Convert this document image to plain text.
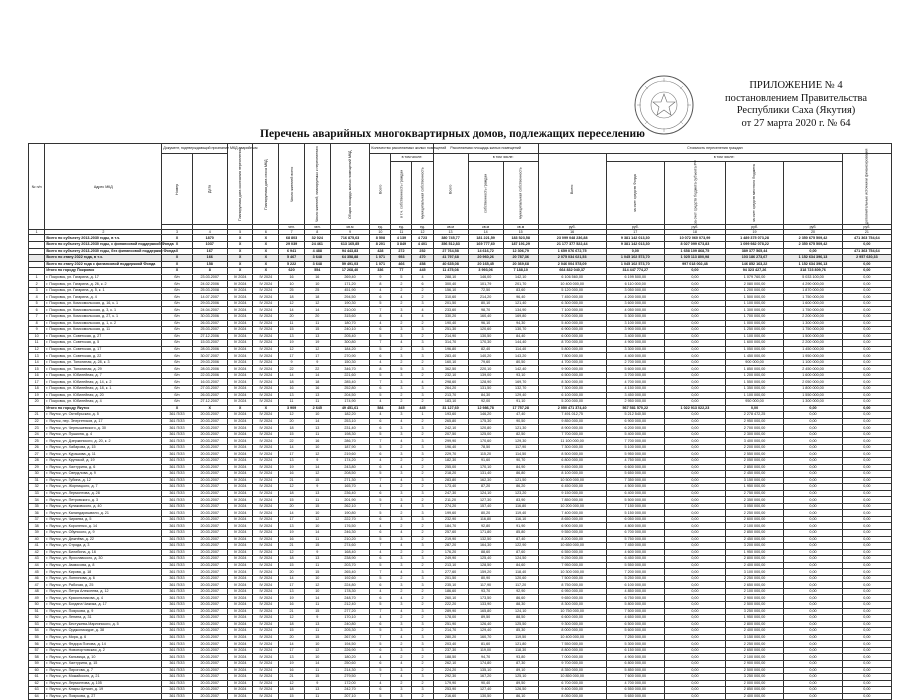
ПРИЛОЖЕНИЕ № 4
постановлением Правительства
Республики Саха (Якутия)
от 27 марта 2020 г. № 64
Перечень аварийных многоквартирных домов, подлежащих переселению
№ п/п	Адрес МКД	Документ, подтверждающий признание МКД аварийным		Планируемая дата окончания переселения	Планируемая дата сноса МКД	Число жителей всего	Число жителей, планируемых к переселению	Общая площадь жилых помещений МКД	Количество расселяемых жилых помещений			Расселяемая площадь жилых помещений			Стоимость переселения граждан					
		Номер	Дата						Всего	в том числе:		Всего	в том числе:		Всего	в том числе:				дополнительные источники финансирования
										в т.ч. собственность граждан	муниципальная собственность		собственность граждан	муниципальная собственность		за счет средств Фонда	за счет средств бюджета субъекта РФ	за счет средств местного бюджета		
						чел.	чел.	кв.м	ед.	ед.	ед.	кв.м	кв.м	кв.м	руб.	руб.	руб.	руб.	руб.	руб.
1	2	3	4	5	6	7	8	9	10	11	12	13	14	15	16	17	18	19	20	21
	Всего по субъекту 2013-2030 годы, в т.ч.	X	1870	X	X	68 803	32 024	716 875,63	8 508	4 139	4 723	380 745,77	181 221,59	183 523,58	23 099 048 236,88	9 381 142 013,30	10 072 060 073,99	1 489 375 073,28	2 350 675 509,42	471 363 754,64
	Всего по субъекту 2013-2030 годы, с финансовой поддержкой Фонда	X	1037	X	X	29 039	24 461	613 165,85	8 201	3 849	4 401	356 512,83	169 777,60	187 191,29	21 177 377 522,44	9 381 142 013,30	8 027 099 673,83	1 099 982 078,22	2 350 675 509,42	0,00
	Всего по субъекту 2013-2030 годы, без финансовой поддержки Фонда	X	167	X	X	6 941	4 488	94 443,83	428	272	252	27 764,58	14 616,72	12 306,79	1 659 076 672,75	0,00	1 658 109 868,75	389 377 565,44	0,00	471 363 754,64
	Всего по этапу 2022 года, в т.ч.	X	166	X	X	5 467	3 648	64 358,88	1 071	953	470	41 797,68	20 960,26	20 787,36	2 075 034 021,53	1 045 102 573,70	1 025 113 800,98	103 186 273,67	1 152 634 396,13	2 957 630,33
	Всего по этапу 2022 года с финансовой поддержкой Фонда	X	158	X	X	5 222	3 648	59 491,03	1 071	466	458	40 635,08	20 165,45	20 369,68	2 046 004 578,09	1 045 102 573,70	997 018 002,48	146 852 163,22	1 152 634 396,13	0,00
	Итого по городу Покровск	X	8	X	X	620	554	17 268,40	336	77	445	11 475,08	3 993,06	7 188,10	664 832 040,37	314 447 774,27	0,00	94 323 427,26	318 723 809,76	0,00
1	г. Покровск, ул. Гагарина, д. 17	б/н	23.03.2007	IV 2024	IV 2024	16	16	269,40	9	5	4	288,10	146,00	142,10	6 106 560,00	6 199 500,00	0,00	1 079 760,00	5 033 100,00	0,00
2	г. Покровск, ул. Гагарина, д. 26, к. 2	б/н	24.02.2006	IV 2024	IV 2024	10	10	171,20	8	2	6	300,40	101,79	201,70	10 400 000,00	6 110 000,00	0,00	2 080 000,00	4 290 000,00	0,00
3	г. Покровск, ул. Гагарина, д. 5, к. 1	б/н	25.03.2008	IV 2024	IV 2024	25	25	451,90	4	2	2	156,10	72,50	83,60	5 120 000,00	3 050 000,00	0,00	1 200 000,00	1 870 000,00	0,00
4	г. Покровск, ул. Гагарина, д. 4	б/н	14.07.2007	IV 2024	IV 2024	18	18	294,50	6	4	2	310,60	214,20	96,40	7 450 000,00	4 200 000,00	0,00	1 500 000,00	1 750 000,00	0,00
5	г. Покровск, ул. Комсомольская, д. 16, к. 1	б/н	29.03.2006	IV 2024	IV 2024	12	12	190,30	5	2	3	201,50	80,10	121,40	6 300 000,00	3 600 000,00	0,00	1 100 000,00	1 600 000,00	0,00
6	г. Покровск, ул. Комсомольская, д. 3, к. 1	б/н	24.04.2007	IV 2024	IV 2024	14	14	210,00	7	3	4	233,60	98,70	134,90	7 100 000,00	4 050 000,00	0,00	1 300 000,00	1 750 000,00	0,00
7	г. Покровск, ул. Комсомольская, д. 27, к. 1	б/н	30.03.2006	IV 2024	IV 2024	20	20	315,60	8	4	4	330,20	160,40	169,80	9 200 000,00	5 300 000,00	0,00	1 700 000,00	2 200 000,00	0,00
8	г. Покровск, ул. Комсомольская, д. 1, к. 2	б/н	26.03.2007	IV 2024	IV 2024	11	11	180,70	4	2	2	190,40	96,10	94,30	5 400 000,00	3 100 000,00	0,00	1 000 000,00	1 300 000,00	0,00
9	г. Покровск, ул. Комсомольская, д. 11	б/н	25.03.2007	IV 2024	IV 2024	15	15	240,10	6	3	3	251,30	120,60	130,70	6 900 000,00	3 900 000,00	0,00	1 250 000,00	1 750 000,00	0,00
10	г. Покровск, ул. Советская, д. 27	б/н	27.12.2006	IV 2024	IV 2024	13	13	205,40	5	3	2	214,90	130,50	84,40	6 000 000,00	3 400 000,00	0,00	1 100 000,00	1 500 000,00	0,00
11	г. Покровск, ул. Советская, д. 5	б/н	15.03.2007	IV 2024	IV 2024	19	19	300,80	7	4	3	314,70	170,30	144,40	8 700 000,00	4 900 000,00	0,00	1 600 000,00	2 200 000,00	0,00
12	г. Покровск, ул. Советская, д. 17	б/н	28.03.2006	IV 2024	IV 2024	12	12	184,20	5	2	3	196,80	82,40	114,40	5 800 000,00	3 300 000,00	0,00	1 050 000,00	1 450 000,00	0,00
13	г. Покровск, ул. Советская, д. 22	б/н	30.07.2007	IV 2024	IV 2024	17	17	270,90	6	3	3	283,40	140,20	143,20	7 800 000,00	4 400 000,00	0,00	1 450 000,00	1 950 000,00	0,00
14	г. Покровск, ул. Тополиная, д. 28, к. 3	б/н	29.03.2006	IV 2024	IV 2024	9	9	150,30	4	2	2	160,10	79,60	80,50	4 700 000,00	2 700 000,00	0,00	900 000,00	1 100 000,00	0,00
15	г. Покровск, ул. Тополиная, д. 29	б/н	28.03.2006	IV 2024	IV 2024	22	22	346,70	8	5	3	362,50	220,10	142,40	9 900 000,00	5 600 000,00	0,00	1 850 000,00	2 450 000,00	0,00
16	г. Покровск, ул. Юбилейная, д. 7	б/н	22.03.2006	IV 2024	IV 2024	14	14	221,60	5	3	2	232,10	139,00	93,10	6 500 000,00	3 700 000,00	0,00	1 200 000,00	1 600 000,00	0,00
17	г. Покровск, ул. Юбилейная, д. 14, к. 2	б/н	16.03.2007	IV 2024	IV 2024	18	18	285,40	7	3	4	298,60	128,90	169,70	8 300 000,00	4 700 000,00	0,00	1 550 000,00	2 050 000,00	0,00
18	г. Покровск, ул. Юбилейная, д. 18, к. 1	б/н	27.03.2007	IV 2024	IV 2024	16	16	252,80	6	3	3	264,20	131,50	132,70	7 300 000,00	4 150 000,00	0,00	1 350 000,00	1 800 000,00	0,00
19	г. Покровск, ул. Юбилейная, д. 20	б/н	26.03.2007	IV 2024	IV 2024	13	13	204,50	5	2	3	213,70	84,30	129,40	6 100 000,00	3 450 000,00	0,00	1 100 000,00	1 550 000,00	0,00
20	г. Покровск, ул. Юбилейная, д. 4	б/н	27.12.2007	IV 2024	IV 2024	11	11	174,90	4	2	2	183,10	92,00	91,10	5 200 000,00	2 950 000,00	0,00	950 000,00	1 300 000,00	0,00
	Итого по городу Якутск	X	X	X	X	3 909	2 645	49 451,61	584	345	445	31 127,60	12 986,78	17 757,28	2 050 471 374,40	567 581 570,22	1 022 913 022,23	0,00	0,00	0,00
21	г. Якутск, ул. Октябрьская, д. 5	361 П/ЗЗ	20.03.2007	IV 2024	IV 2024	12	10	182,20	4	3	1	193,60	146,20	47,40	7 491 012,75	5 212 540,50	0,00	2 278 472,25	0,00	0,00
22	г. Якутск, пер. Энергетиков, д. 17	361 П/ЗЗ	20.03.2007	IV 2024	IV 2024	20	14	253,10	6	4	2	265,80	175,30	90,50	9 850 000,00	6 900 000,00	0,00	2 950 000,00	0,00	0,00
23	г. Якутск, ул. Чернышевского, д. 30	361 П/ЗЗ	20.03.2007	IV 2024	IV 2024	18	13	231,40	6	3	3	242,10	120,80	121,30	8 900 000,00	6 200 000,00	0,00	2 700 000,00	0,00	0,00
24	г. Якутск, ул. Пушкина, д. 4	361 П/ЗЗ	20.03.2007	IV 2024	IV 2024	15	11	198,30	5	3	2	207,50	125,00	82,50	7 700 000,00	5 400 000,00	0,00	2 300 000,00	0,00	0,00
25	г. Якутск, ул. Дзержинского, д. 20, к. 2	361 П/ЗЗ	20.03.2007	IV 2024	IV 2024	22	16	286,70	7	4	3	299,90	170,60	129,30	11 100 000,00	7 700 000,00	0,00	3 400 000,00	0,00	0,00
26	г. Якутск, ул. Хабарова, д. 15	361 П/ЗЗ	20.03.2007	IV 2024	IV 2024	14	10	187,90	5	2	3	196,40	78,50	117,90	7 300 000,00	5 100 000,00	0,00	2 200 000,00	0,00	0,00
27	г. Якутск, ул. Курашова, д. 11	361 П/ЗЗ	20.03.2007	IV 2024	IV 2024	17	12	219,60	6	3	3	229,70	115,20	114,50	8 500 000,00	5 950 000,00	0,00	2 550 000,00	0,00	0,00
28	г. Якутск, ул. Крупской, д. 19	361 П/ЗЗ	20.03.2007	IV 2024	IV 2024	13	9	174,20	4	2	2	182,30	91,60	90,70	6 800 000,00	4 750 000,00	0,00	2 050 000,00	0,00	0,00
29	г. Якутск, ул. Халтурина, д. 6	361 П/ЗЗ	20.03.2007	IV 2024	IV 2024	19	14	243,80	6	4	2	255,00	170,10	84,90	9 450 000,00	6 600 000,00	0,00	2 850 000,00	0,00	0,00
30	г. Якутск, ул. Свердлова, д. 9	361 П/ЗЗ	20.03.2007	IV 2024	IV 2024	16	12	208,50	5	3	2	218,20	131,40	86,80	8 100 000,00	5 650 000,00	0,00	2 450 000,00	0,00	0,00
31	г. Якутск, ул. Губина, д. 12	361 П/ЗЗ	20.03.2007	IV 2024	IV 2024	21	15	271,30	7	4	3	283,80	162,30	121,50	10 500 000,00	7 350 000,00	0,00	3 150 000,00	0,00	0,00
32	г. Якутск, ул. Жорницкого, д. 7	361 П/ЗЗ	20.03.2007	IV 2024	IV 2024	12	9	165,70	4	2	2	173,40	87,20	86,20	6 450 000,00	4 500 000,00	0,00	1 950 000,00	0,00	0,00
33	г. Якутск, ул. Лермонтова, д. 28	361 П/ЗЗ	20.03.2007	IV 2024	IV 2024	18	13	236,40	6	3	3	247,30	124,10	123,20	9 150 000,00	6 400 000,00	0,00	2 750 000,00	0,00	0,00
34	г. Якутск, ул. Петровского, д. 3	361 П/ЗЗ	20.03.2007	IV 2024	IV 2024	15	11	201,90	5	3	2	211,20	127,30	83,90	7 850 000,00	5 500 000,00	0,00	2 350 000,00	0,00	0,00
35	г. Якутск, ул. Кулаковского, д. 40	361 П/ЗЗ	20.03.2007	IV 2024	IV 2024	20	15	262,10	7	4	3	274,20	157,40	116,80	10 200 000,00	7 150 000,00	0,00	3 050 000,00	0,00	0,00
36	г. Якутск, ул. Каландаришвили, д. 21	361 П/ЗЗ	20.03.2007	IV 2024	IV 2024	14	10	190,80	5	2	3	199,60	80,20	119,40	7 400 000,00	5 150 000,00	0,00	2 250 000,00	0,00	0,00
37	г. Якутск, ул. Чиряева, д. 5	361 П/ЗЗ	20.03.2007	IV 2024	IV 2024	17	12	222,70	6	3	3	232,90	116,80	116,10	8 650 000,00	6 050 000,00	0,00	2 600 000,00	0,00	0,00
38	г. Якутск, ул. Короленко, д. 14	361 П/ЗЗ	20.03.2007	IV 2024	IV 2024	13	10	176,50	4	2	2	184,70	92,80	91,90	6 900 000,00	4 800 000,00	0,00	2 100 000,00	0,00	0,00
39	г. Якутск, ул. Ойунского, д. 9	361 П/ЗЗ	20.03.2007	IV 2024	IV 2024	19	14	246,30	6	4	2	257,60	171,80	85,80	9 550 000,00	6 700 000,00	0,00	2 850 000,00	0,00	0,00
40	г. Якутск, ул. Дежнёва, д. 22	361 П/ЗЗ	20.03.2007	IV 2024	IV 2024	16	11	210,20	5	3	2	219,90	132,50	87,40	8 200 000,00	5 750 000,00	0,00	2 450 000,00	0,00	0,00
41	г. Якутск, ул. Строда, д. 3	361 П/ЗЗ	20.03.2007	IV 2024	IV 2024	21	15	274,60	7	4	3	287,20	164,30	122,90	10 650 000,00	7 450 000,00	0,00	3 200 000,00	0,00	0,00
42	г. Якутск, ул. Билибина, д. 16	361 П/ЗЗ	20.03.2007	IV 2024	IV 2024	12	9	168,40	4	2	2	176,20	88,60	87,60	6 550 000,00	4 600 000,00	0,00	1 950 000,00	0,00	0,00
43	г. Якутск, ул. Ярославского, д. 30	361 П/ЗЗ	20.03.2007	IV 2024	IV 2024	18	13	238,90	6	3	3	249,90	125,40	124,50	9 250 000,00	6 450 000,00	0,00	2 800 000,00	0,00	0,00
44	г. Якутск, ул. Аммосова, д. 8	361 П/ЗЗ	20.03.2007	IV 2024	IV 2024	15	11	203,70	5	3	2	213,10	128,50	84,60	7 950 000,00	5 550 000,00	0,00	2 400 000,00	0,00	0,00
45	г. Якутск, ул. Кирова, д. 18	361 П/ЗЗ	20.03.2007	IV 2024	IV 2024	20	15	265,40	7	4	3	277,60	159,20	118,40	10 300 000,00	7 200 000,00	0,00	3 100 000,00	0,00	0,00
46	г. Якутск, ул. Лонгинова, д. 6	361 П/ЗЗ	20.03.2007	IV 2024	IV 2024	14	10	192,60	5	2	3	201,50	80,90	120,60	7 500 000,00	5 250 000,00	0,00	2 250 000,00	0,00	0,00
47	г. Якутск, ул. Рабочая, д. 25	361 П/ЗЗ	20.03.2007	IV 2024	IV 2024	17	12	224,80	6	3	3	235,10	117,90	117,20	8 750 000,00	6 100 000,00	0,00	2 650 000,00	0,00	0,00
48	г. Якутск, ул. Петра Алексеева, д. 12	361 П/ЗЗ	20.03.2007	IV 2024	IV 2024	13	10	178,30	4	2	2	186,60	93,70	92,90	6 950 000,00	4 850 000,00	0,00	2 100 000,00	0,00	0,00
49	г. Якутск, ул. Красильникова, д. 4	361 П/ЗЗ	20.03.2007	IV 2024	IV 2024	19	14	248,70	6	4	2	260,10	173,50	86,60	9 650 000,00	6 750 000,00	0,00	2 900 000,00	0,00	0,00
50	г. Якутск, ул. Богдана Чижика, д. 17	361 П/ЗЗ	20.03.2007	IV 2024	IV 2024	16	11	212,40	5	3	2	222,20	133,90	88,30	8 300 000,00	5 800 000,00	0,00	2 500 000,00	0,00	0,00
51	г. Якутск, ул. Пояркова, д. 9	361 П/ЗЗ	20.03.2007	IV 2024	IV 2024	21	15	277,20	7	4	3	289,90	165,80	124,10	10 750 000,00	7 500 000,00	0,00	3 250 000,00	0,00	0,00
52	г. Якутск, ул. Ленина, д. 31	361 П/ЗЗ	20.03.2007	IV 2024	IV 2024	12	9	170,10	4	2	2	178,00	89,50	88,50	6 600 000,00	4 650 000,00	0,00	1 950 000,00	0,00	0,00
53	г. Якутск, ул. Бестужева-Марлинского, д. 5	361 П/ЗЗ	20.03.2007	IV 2024	IV 2024	18	13	240,80	6	3	3	251,90	126,40	125,50	9 300 000,00	6 500 000,00	0,00	2 800 000,00	0,00	0,00
54	г. Якутск, ул. Орджоникидзе, д. 38	361 П/ЗЗ	20.03.2007	IV 2024	IV 2024	15	11	205,30	5	3	2	214,70	129,40	85,30	8 000 000,00	5 600 000,00	0,00	2 400 000,00	0,00	0,00
55	г. Якутск, ул. Мира, д. 6	361 П/ЗЗ	20.03.2007	IV 2024	IV 2024	20	15	267,90	7	4	3	280,20	160,70	119,50	10 400 000,00	7 250 000,00	0,00	3 150 000,00	0,00	0,00
56	г. Якутск, ул. Федора Попова, д. 14	361 П/ЗЗ	20.03.2007	IV 2024	IV 2024	14	10	194,50	5	2	3	203,40	81,60	121,80	7 550 000,00	5 300 000,00	0,00	2 250 000,00	0,00	0,00
57	г. Якутск, ул. Новопортовская, д. 2	361 П/ЗЗ	20.03.2007	IV 2024	IV 2024	17	12	226,90	6	3	3	237,30	119,00	118,30	8 800 000,00	6 150 000,00	0,00	2 650 000,00	0,00	0,00
58	г. Якутск, ул. Кальвица, д. 10	361 П/ЗЗ	20.03.2007	IV 2024	IV 2024	13	10	180,20	4	2	2	188,50	94,70	93,80	7 000 000,00	4 900 000,00	0,00	2 100 000,00	0,00	0,00
59	г. Якутск, ул. Халтурина, д. 15	361 П/ЗЗ	20.03.2007	IV 2024	IV 2024	19	14	250,60	6	4	2	262,10	174,80	87,30	9 700 000,00	6 800 000,00	0,00	2 900 000,00	0,00	0,00
60	г. Якутск, ул. Пирогова, д. 7	361 П/ЗЗ	20.03.2007	IV 2024	IV 2024	16	11	214,30	5	3	2	224,20	135,10	89,10	8 350 000,00	5 850 000,00	0,00	2 500 000,00	0,00	0,00
61	г. Якутск, ул. Можайского, д. 21	361 П/ЗЗ	20.03.2007	IV 2024	IV 2024	21	15	279,50	7	4	3	292,30	167,20	125,10	10 850 000,00	7 600 000,00	0,00	3 250 000,00	0,00	0,00
62	г. Якутск, ул. Лермонтова, д. 105	361 П/ЗЗ	20.03.2007	IV 2024	IV 2024	12	9	172,00	4	2	2	179,90	90,40	89,50	6 700 000,00	4 700 000,00	0,00	2 000 000,00	0,00	0,00
63	г. Якутск, ул. Клары Цеткин, д. 19	361 П/ЗЗ	20.03.2007	IV 2024	IV 2024	18	13	242,70	6	3	3	253,90	127,40	126,50	9 400 000,00	6 550 000,00	0,00	2 850 000,00	0,00	0,00
64	г. Якутск, ул. Пояркова, д. 27	361 П/ЗЗ	20.03.2007	IV 2024	IV 2024	15	11	207,10	5	3	2	216,60	130,50	86,10	8 050 000,00	5 650 000,00	0,00	2 400 000,00	0,00	0,00
